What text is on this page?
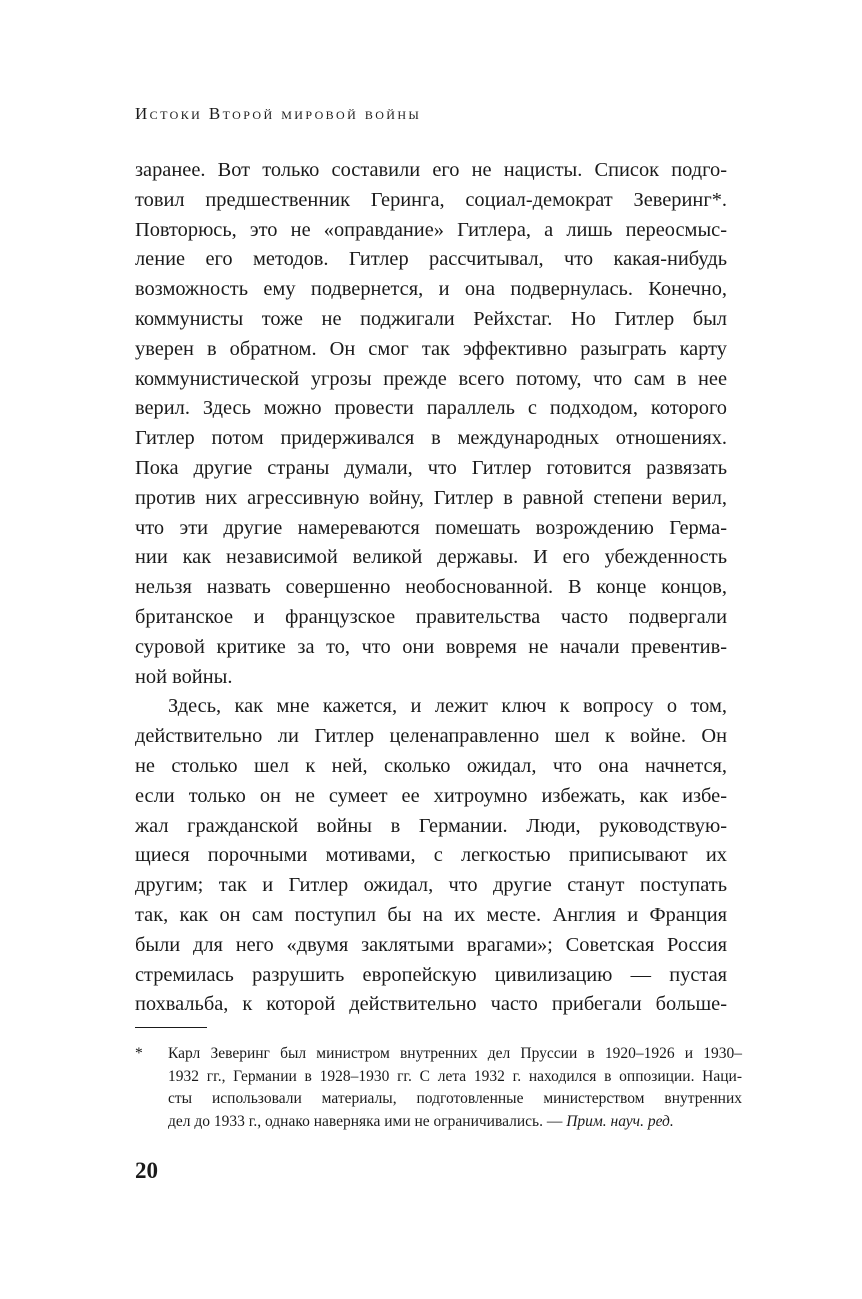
Истоки Второй мировой войны
заранее. Вот только составили его не нацисты. Список подго-
товил предшественник Геринга, социал-демократ Зеверинг*.
Повторюсь, это не «оправдание» Гитлера, а лишь переосмыс-
ление его методов. Гитлер рассчитывал, что какая-нибудь
возможность ему подвернется, и она подвернулась. Конечно,
коммунисты тоже не поджигали Рейхстаг. Но Гитлер был
уверен в обратном. Он смог так эффективно разыграть карту
коммунистической угрозы прежде всего потому, что сам в нее
верил. Здесь можно провести параллель с подходом, которого
Гитлер потом придерживался в международных отношениях.
Пока другие страны думали, что Гитлер готовится развязать
против них агрессивную войну, Гитлер в равной степени верил,
что эти другие намереваются помешать возрождению Герма-
нии как независимой великой державы. И его убежденность
нельзя назвать совершенно необоснованной. В конце концов,
британское и французское правительства часто подвергали
суровой критике за то, что они вовремя не начали превентив-
ной войны.
Здесь, как мне кажется, и лежит ключ к вопросу о том,
действительно ли Гитлер целенаправленно шел к войне. Он
не столько шел к ней, сколько ожидал, что она начнется,
если только он не сумеет ее хитроумно избежать, как избе-
жал гражданской войны в Германии. Люди, руководствую-
щиеся порочными мотивами, с легкостью приписывают их
другим; так и Гитлер ожидал, что другие станут поступать
так, как он сам поступил бы на их месте. Англия и Франция
были для него «двумя заклятыми врагами»; Советская Россия
стремилась разрушить европейскую цивилизацию — пустая
похвальба, к которой действительно часто прибегали больше-
*	Карл Зеверинг был министром внутренних дел Пруссии в 1920–1926 и 1930–
1932 гг., Германии в 1928–1930 гг. С лета 1932 г. находился в оппозиции. Наци-
сты использовали материалы, подготовленные министерством внутренних
дел до 1933 г., однако наверняка ими не ограничивались. — Прим. науч. ред.
20
